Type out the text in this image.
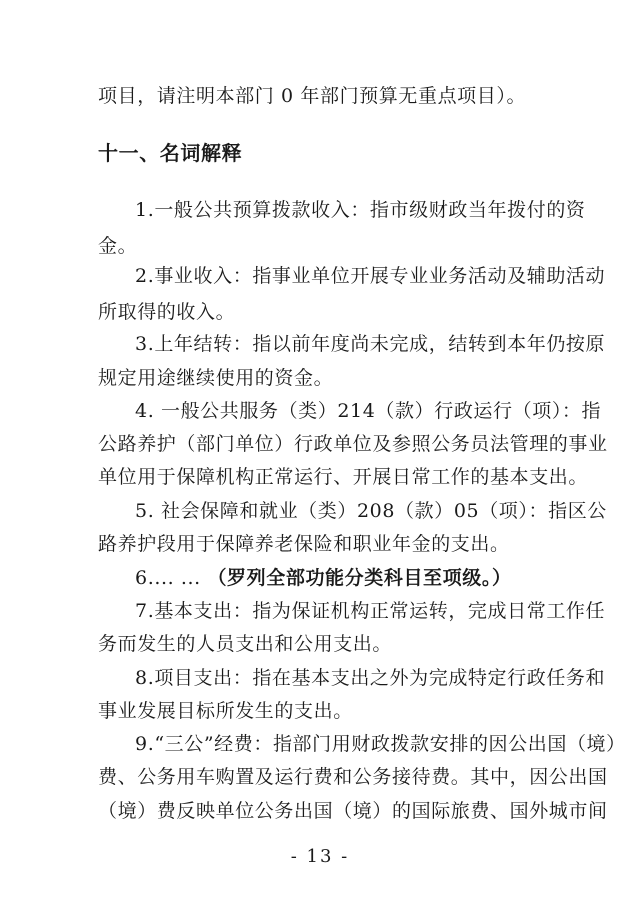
项目，请注明本部门 0 年部门预算无重点项目）。
十一、名词解释
1.一般公共预算拨款收入：指市级财政当年拨付的资
金。
2.事业收入：指事业单位开展专业业务活动及辅助活动
所取得的收入。
3.上年结转：指以前年度尚未完成，结转到本年仍按原
规定用途继续使用的资金。
4. 一般公共服务（类）214（款）行政运行（项）：指
公路养护（部门单位）行政单位及参照公务员法管理的事业
单位用于保障机构正常运行、开展日常工作的基本支出。
5. 社会保障和就业（类）208（款）05（项）：指区公
路养护段用于保障养老保险和职业年金的支出。
6.... ... （罗列全部功能分类科目至项级。）
7.基本支出：指为保证机构正常运转，完成日常工作任
务而发生的人员支出和公用支出。
8.项目支出：指在基本支出之外为完成特定行政任务和
事业发展目标所发生的支出。
9.“三公”经费：指部门用财政拨款安排的因公出国（境）
费、公务用车购置及运行费和公务接待费。其中，因公出国
（境）费反映单位公务出国（境）的国际旅费、国外城市间
- 13 -
